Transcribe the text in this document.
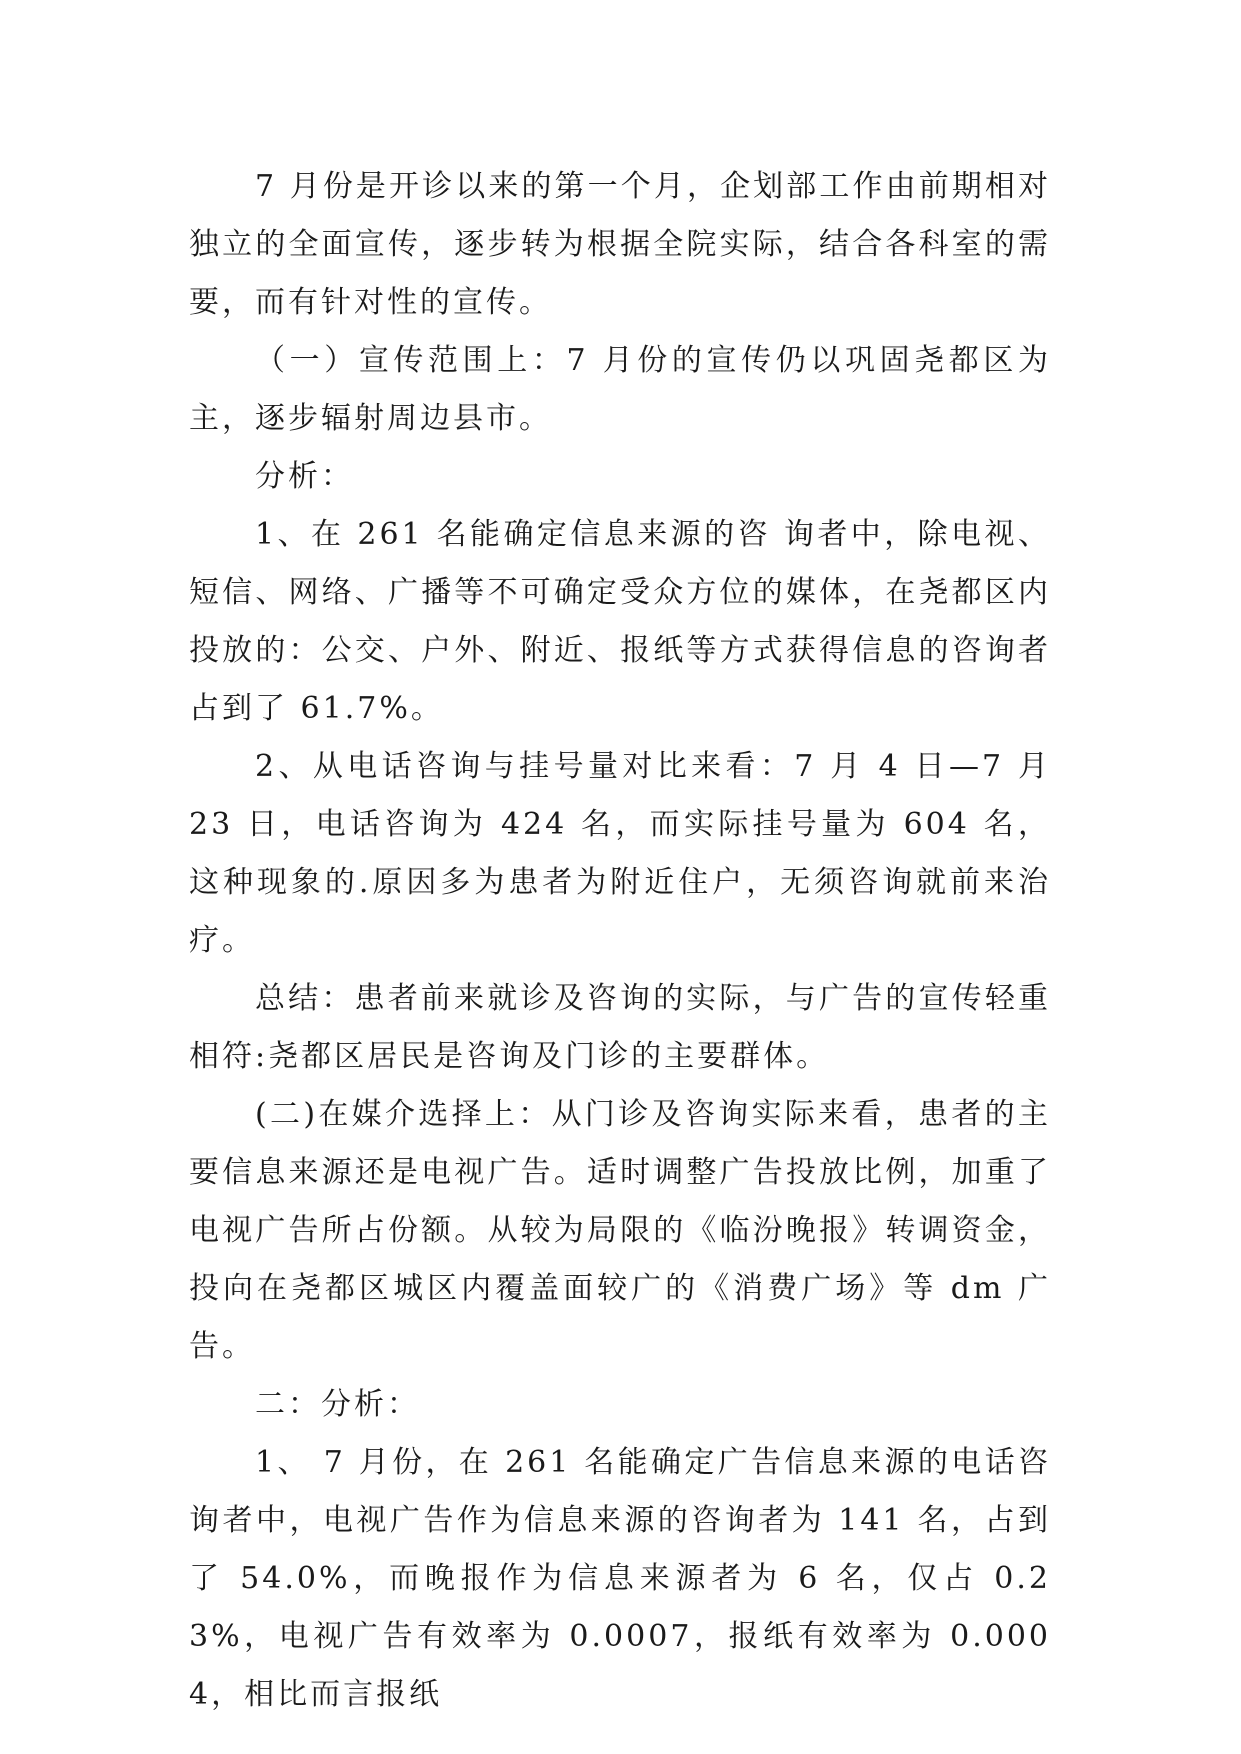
7 月份是开诊以来的第一个月，企划部工作由前期相对独立的全面宣传，逐步转为根据全院实际，结合各科室的需要，而有针对性的宣传。

（一）宣传范围上：7 月份的宣传仍以巩固尧都区为主，逐步辐射周边县市。

分析：

1、在 261 名能确定信息来源的咨 询者中，除电视、短信、网络、广播等不可确定受众方位的媒体，在尧都区内投放的：公交、户外、附近、报纸等方式获得信息的咨询者占到了 61.7%。

2、从电话咨询与挂号量对比来看：7 月 4 日—7 月 23 日，电话咨询为 424 名，而实际挂号量为 604 名，这种现象的.原因多为患者为附近住户，无须咨询就前来治疗。

总结：患者前来就诊及咨询的实际，与广告的宣传轻重相符:尧都区居民是咨询及门诊的主要群体。

(二)在媒介选择上：从门诊及咨询实际来看，患者的主要信息来源还是电视广告。适时调整广告投放比例，加重了电视广告所占份额。从较为局限的《临汾晚报》转调资金，投向在尧都区城区内覆盖面较广的《消费广场》等 dm 广告。

二：分析：

1、 7 月份，在 261 名能确定广告信息来源的电话咨询者中，电视广告作为信息来源的咨询者为 141 名，占到了 54.0%，而晚报作为信息来源者为 6 名，仅占 0.23%，电视广告有效率为 0.0007，报纸有效率为 0.0004，相比而言报纸
